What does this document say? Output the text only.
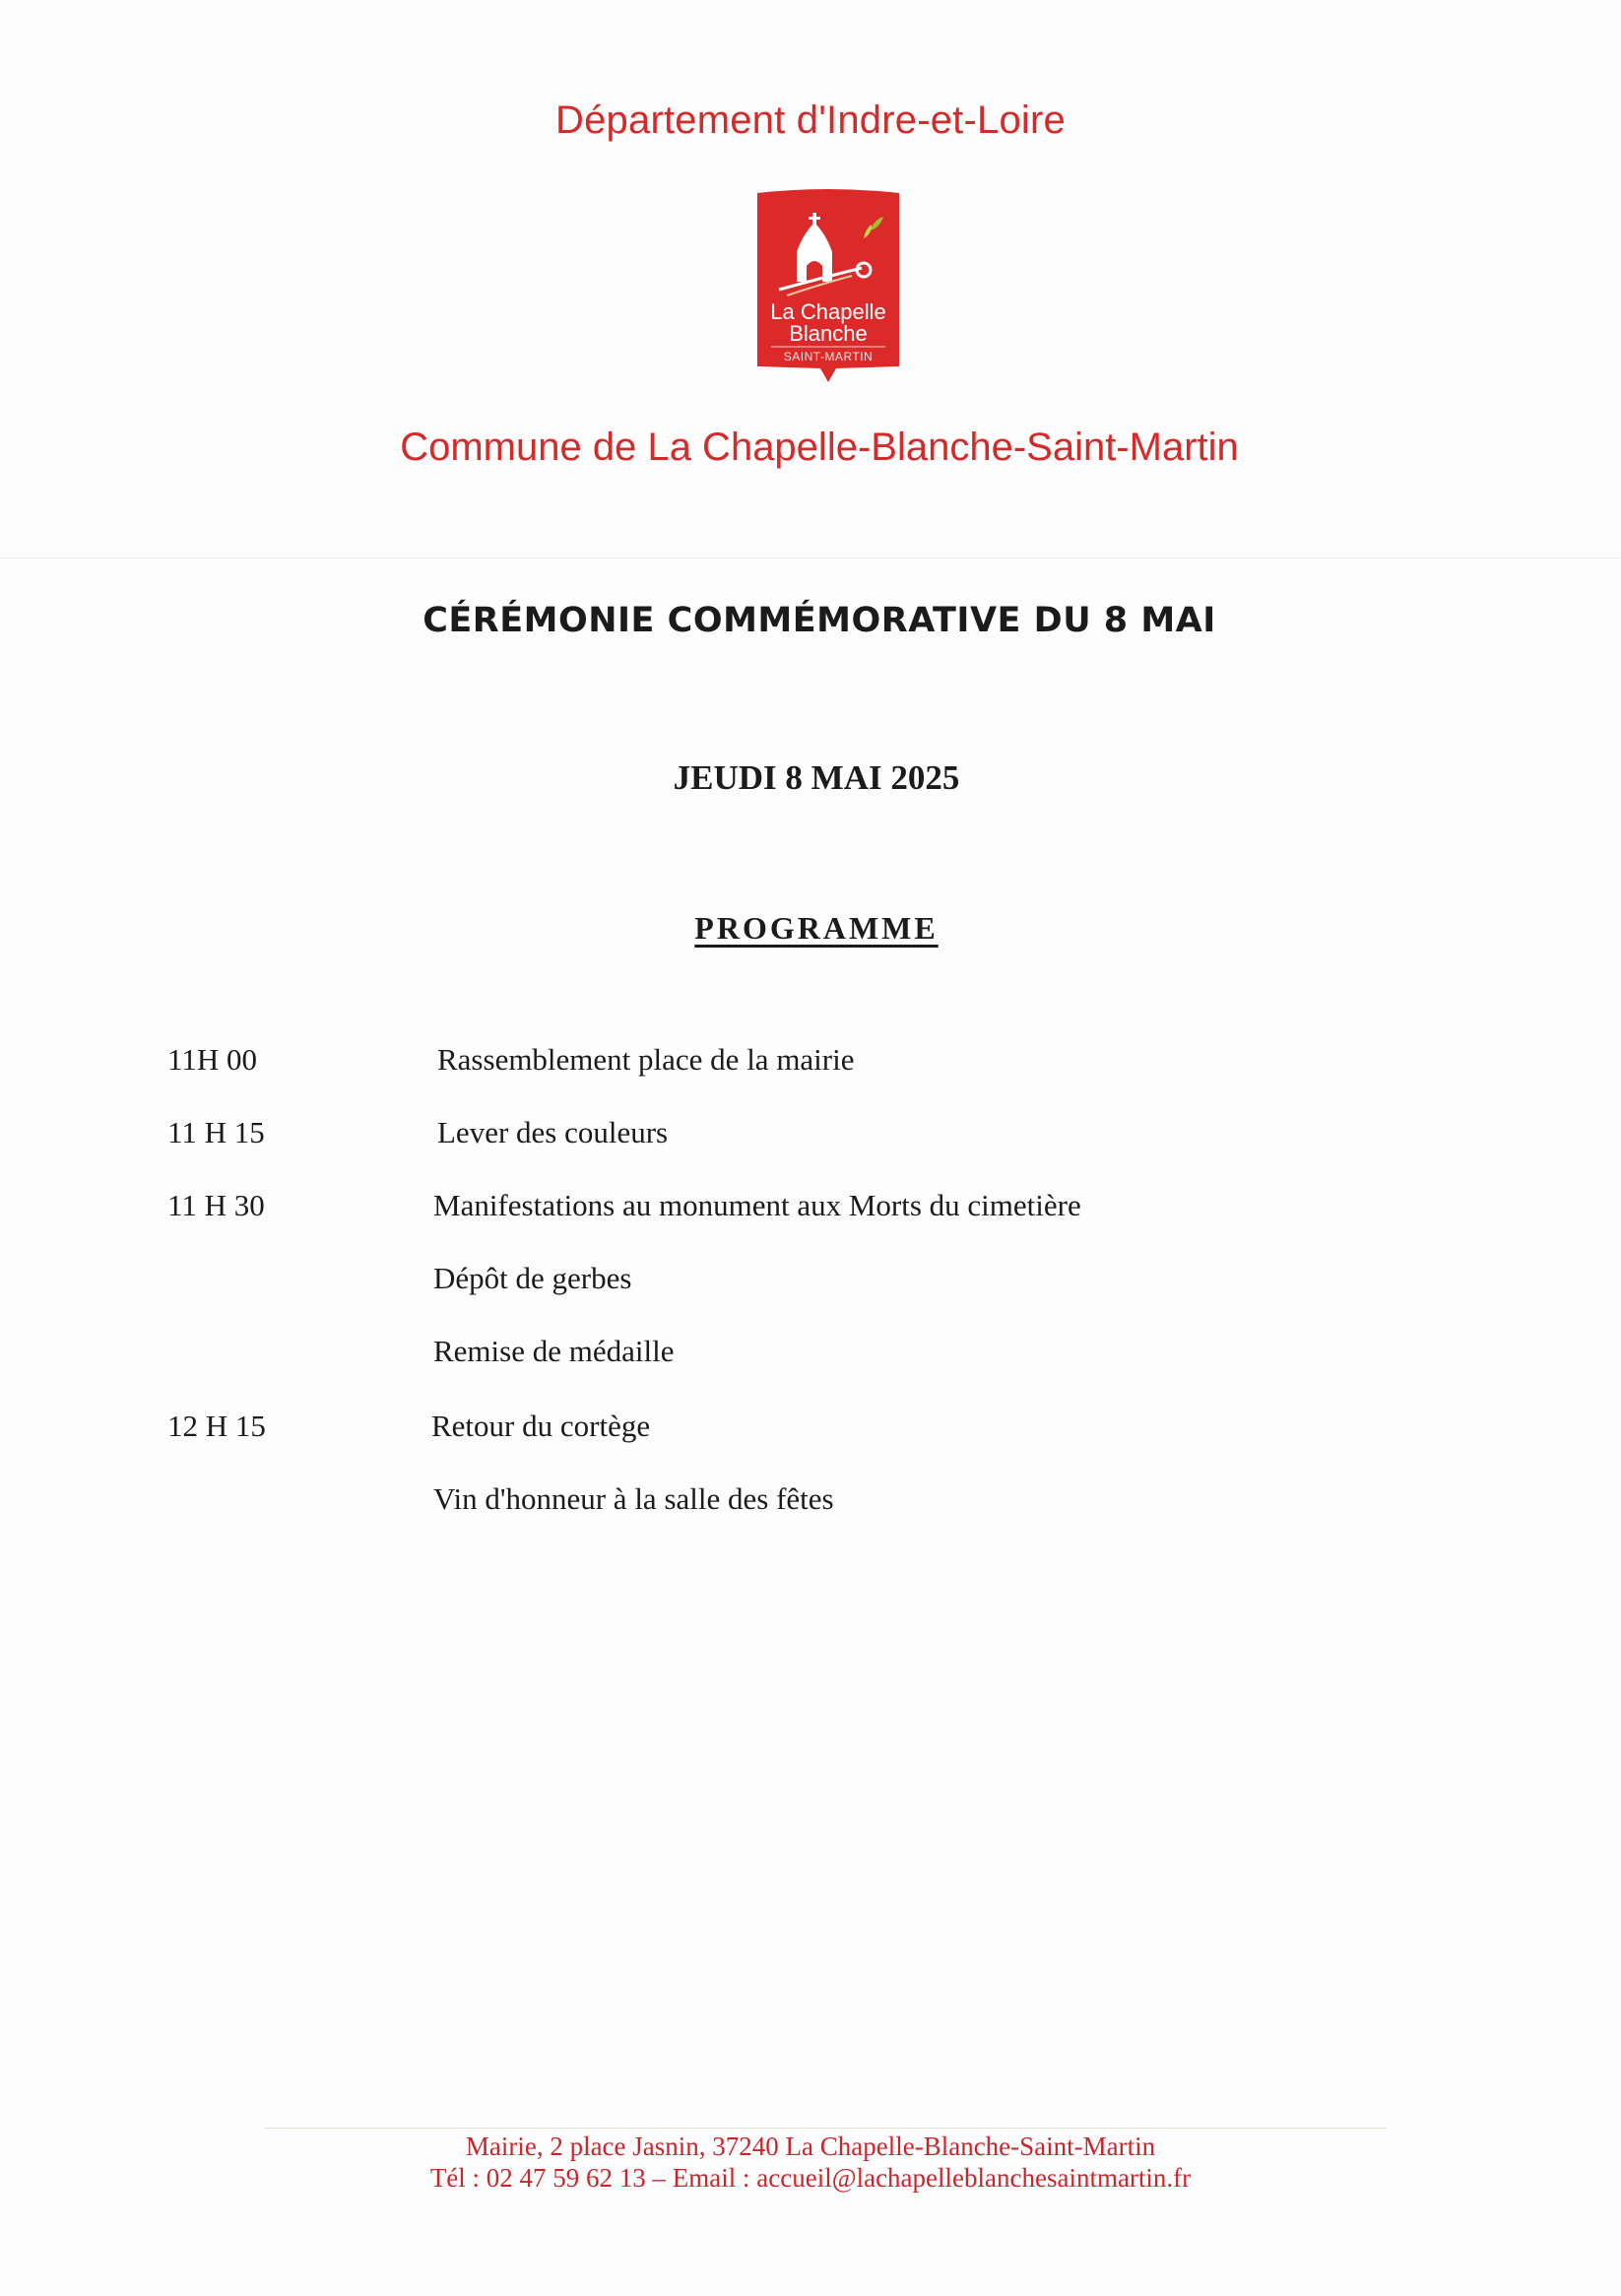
Département d'Indre-et-Loire
La Chapelle
Blanche
SAINT-MARTIN
Commune de La Chapelle-Blanche-Saint-Martin
CÉRÉMONIE COMMÉMORATIVE DU 8 MAI
JEUDI 8 MAI 2025
PROGRAMME
11H 00	Rassemblement place de la mairie
11 H 15	Lever des couleurs
11 H 30	Manifestations au monument aux Morts du cimetière
Dépôt de gerbes
Remise de médaille
12 H 15	Retour du cortège
Vin d'honneur à la salle des fêtes
Mairie, 2 place Jasnin, 37240 La Chapelle-Blanche-Saint-Martin
Tél : 02 47 59 62 13 – Email : accueil@lachapelleblanchesaintmartin.fr
